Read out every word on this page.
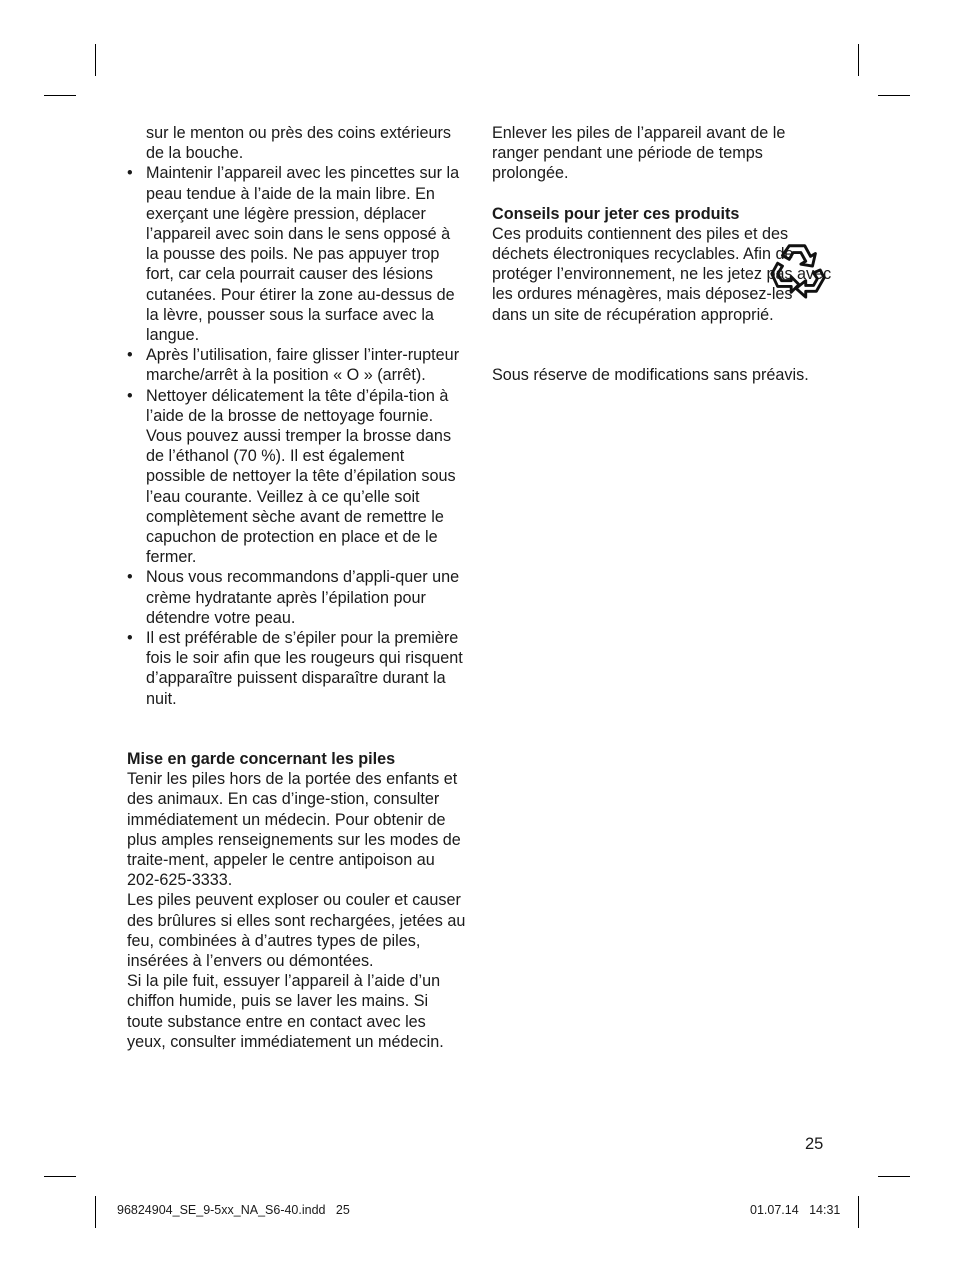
sur le menton ou près des coins extérieurs de la bouche.
• Maintenir l’appareil avec les pincettes sur la peau tendue à l’aide de la main libre. En exerçant une légère pression, déplacer l’appareil avec soin dans le sens opposé à la pousse des poils. Ne pas appuyer trop fort, car cela pourrait causer des lésions cutanées. Pour étirer la zone au-dessus de la lèvre, pousser sous la surface avec la langue.
• Après l’utilisation, faire glisser l’inter-rupteur marche/arrêt à la position « O » (arrêt).
• Nettoyer délicatement la tête d’épila-tion à l’aide de la brosse de nettoyage fournie. Vous pouvez aussi tremper la brosse dans de l’éthanol (70 %). Il est également possible de nettoyer la tête d’épilation sous l’eau courante. Veillez à ce qu’elle soit complètement sèche avant de remettre le capuchon de protection en place et de le fermer.
• Nous vous recommandons d’appli-quer une crème hydratante après l’épilation pour détendre votre peau.
• Il est préférable de s’épiler pour la première fois le soir afin que les rougeurs qui risquent d’apparaître puissent disparaître durant la nuit.
Mise en garde concernant les piles
Tenir les piles hors de la portée des enfants et des animaux. En cas d’inge-stion, consulter immédiatement un médecin. Pour obtenir de plus amples renseignements sur les modes de traite-ment, appeler le centre antipoison au 202-625-3333.
Les piles peuvent exploser ou couler et causer des brûlures si elles sont rechargées, jetées au feu, combinées à d’autres types de piles, insérées à l’envers ou démontées.
Si la pile fuit, essuyer l’appareil à l’aide d’un chiffon humide, puis se laver les mains. Si toute substance entre en contact avec les yeux, consulter immédiatement un médecin.
Enlever les piles de l’appareil avant de le ranger pendant une période de temps prolongée.
Conseils pour jeter ces produits
Ces produits contiennent des piles et des déchets électroniques recyclables. Afin de protéger l’environnement, ne les jetez pas avec les ordures ménagères, mais déposez-les dans un site de récupération approprié.
Sous réserve de modifications sans préavis.
25
96824904_SE_9-5xx_NA_S6-40.indd   25	01.07.14   14:31
